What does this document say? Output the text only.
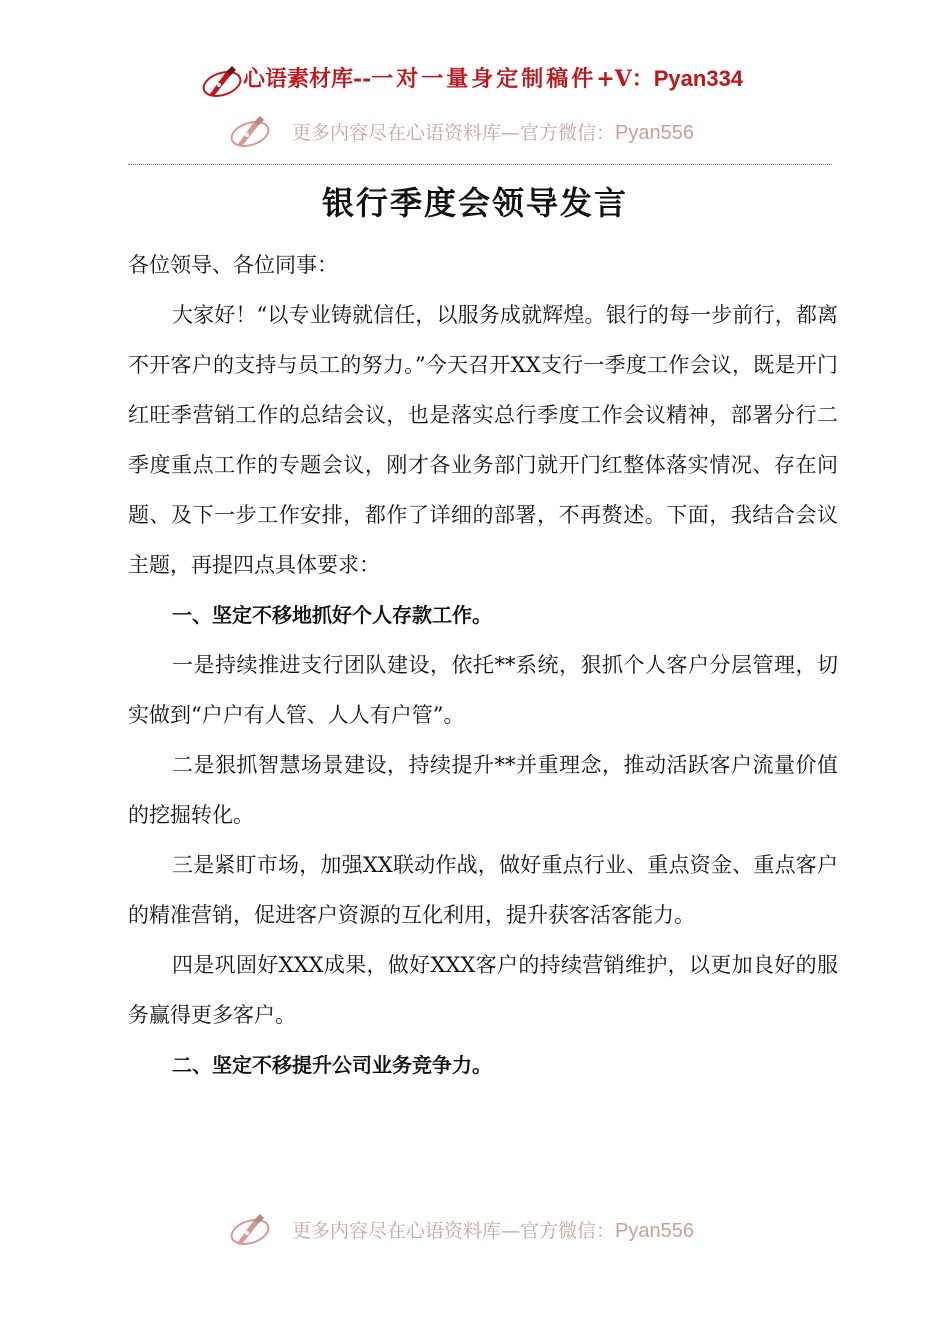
心语素材库--一对一量身定制稿件+V：Pyan334
更多内容尽在心语资料库—官方微信：Pyan556
银行季度会领导发言

各位领导、各位同事：

大家好！“以专业铸就信任，以服务成就辉煌。银行的每一步前行，都离不开客户的支持与员工的努力。”今天召开XX支行一季度工作会议，既是开门红旺季营销工作的总结会议，也是落实总行季度工作会议精神，部署分行二季度重点工作的专题会议，刚才各业务部门就开门红整体落实情况、存在问题、及下一步工作安排，都作了详细的部署，不再赘述。下面，我结合会议主题，再提四点具体要求：

一、坚定不移地抓好个人存款工作。

一是持续推进支行团队建设，依托**系统，狠抓个人客户分层管理，切实做到“户户有人管、人人有户管”。

二是狠抓智慧场景建设，持续提升**并重理念，推动活跃客户流量价值的挖掘转化。

三是紧盯市场，加强XX联动作战，做好重点行业、重点资金、重点客户的精准营销，促进客户资源的互化利用，提升获客活客能力。

四是巩固好XXX成果，做好XXX客户的持续营销维护，以更加良好的服务赢得更多客户。

二、坚定不移提升公司业务竞争力。

更多内容尽在心语资料库—官方微信：Pyan556
